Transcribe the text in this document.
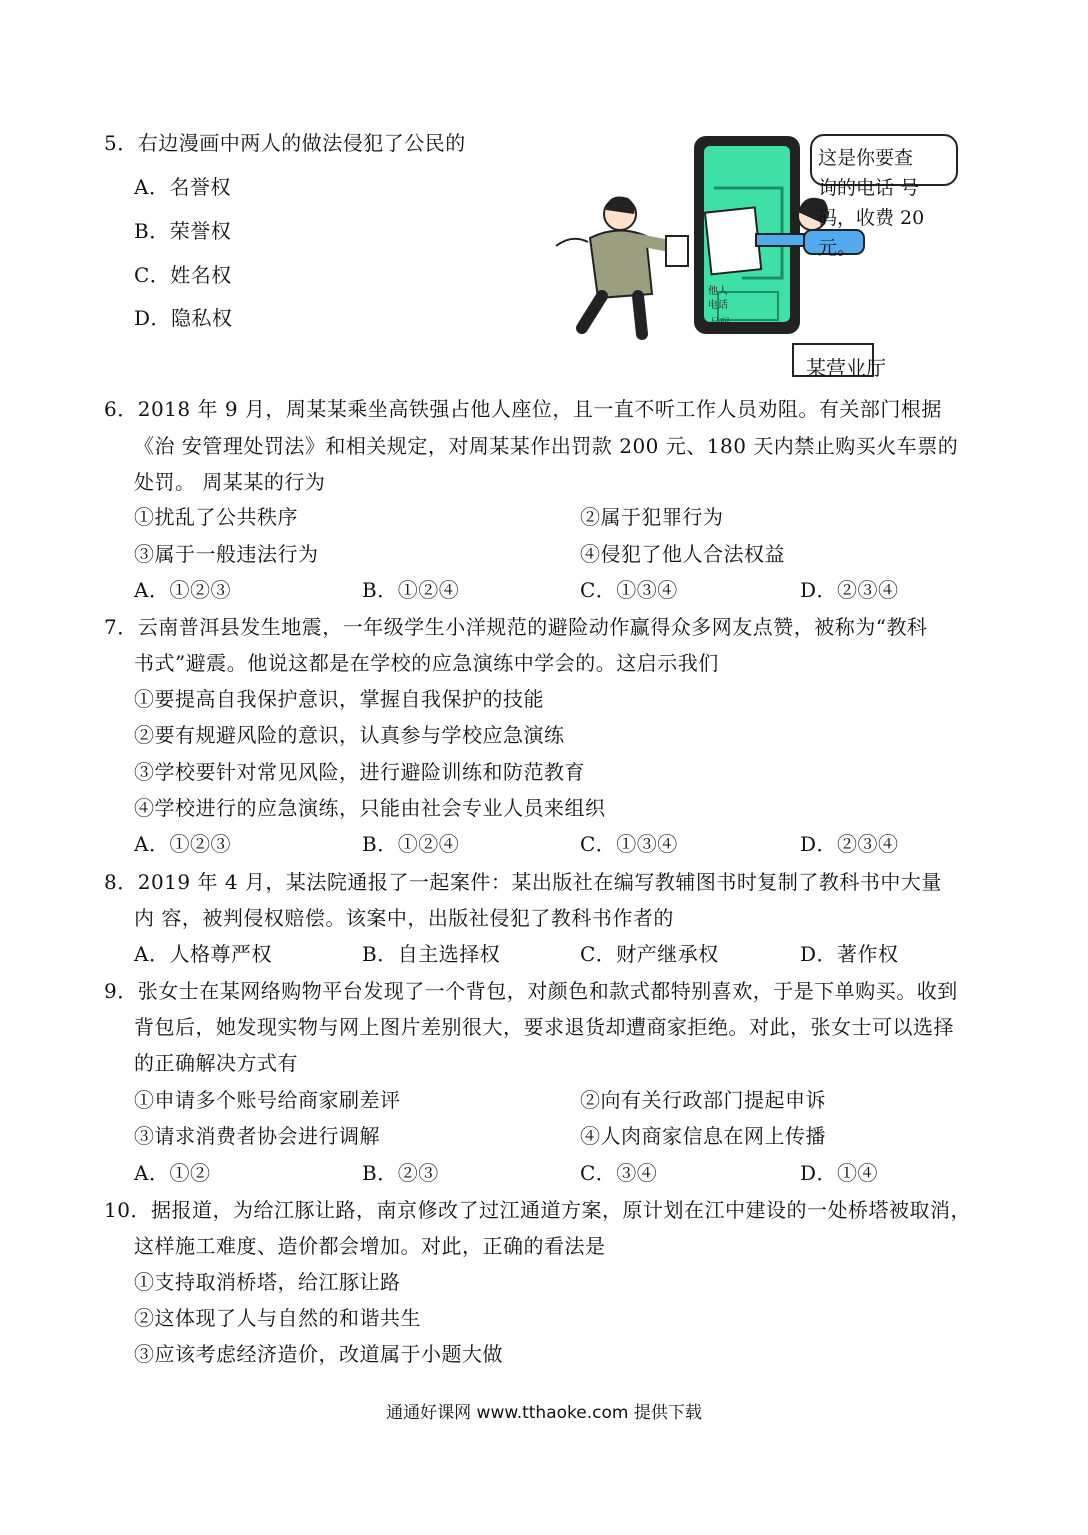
5．右边漫画中两人的做法侵犯了公民的
A．名誉权
B．荣誉权
C．姓名权
D．隐私权
他人
电话
号码
这是你要查
询的电话 号
码，收费 20
元。
某营业厅
6．2018 年 9 月，周某某乘坐高铁强占他人座位，且一直不听工作人员劝阻。有关部门根据
《治 安管理处罚法》和相关规定，对周某某作出罚款 200 元、180 天内禁止购买火车票的
处罚。 周某某的行为
①扰乱了公共秩序	②属于犯罪行为
③属于一般违法行为	④侵犯了他人合法权益
A．①②③	B．①②④	C．①③④	D．②③④
7．云南普洱县发生地震，一年级学生小洋规范的避险动作赢得众多网友点赞，被称为“教科
书式”避震。他说这都是在学校的应急演练中学会的。这启示我们
①要提高自我保护意识，掌握自我保护的技能
②要有规避风险的意识，认真参与学校应急演练
③学校要针对常见风险，进行避险训练和防范教育
④学校进行的应急演练，只能由社会专业人员来组织
A．①②③	B．①②④	C．①③④	D．②③④
8．2019 年 4 月，某法院通报了一起案件：某出版社在编写教辅图书时复制了教科书中大量
内 容，被判侵权赔偿。该案中，出版社侵犯了教科书作者的
A．人格尊严权	B．自主选择权	C．财产继承权	D．著作权
9．张女士在某网络购物平台发现了一个背包，对颜色和款式都特别喜欢，于是下单购买。收到
背包后，她发现实物与网上图片差别很大，要求退货却遭商家拒绝。对此，张女士可以选择
的正确解决方式有
①申请多个账号给商家刷差评	②向有关行政部门提起申诉
③请求消费者协会进行调解	④人肉商家信息在网上传播
A．①②	B．②③	C．③④	D．①④
10．据报道，为给江豚让路，南京修改了过江通道方案，原计划在江中建设的一处桥塔被取消，
这样施工难度、造价都会增加。对此，正确的看法是
①支持取消桥塔，给江豚让路
②这体现了人与自然的和谐共生
③应该考虑经济造价，改道属于小题大做
通通好课网 www.tthaoke.com 提供下载
